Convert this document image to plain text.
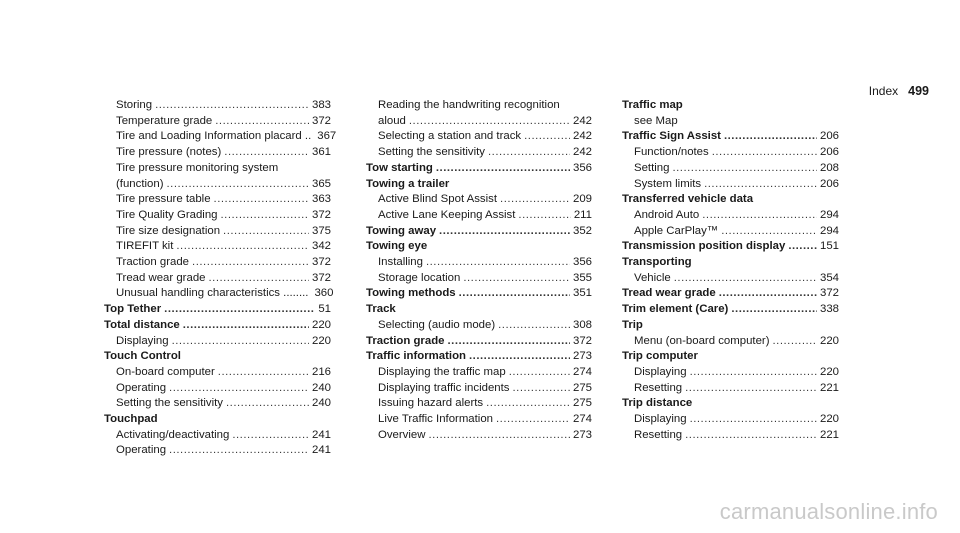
Index 499
Storing .....	383
Temperature grade .....	372
Tire and Loading Information placard .. 367
Tire pressure (notes) .....	361
Tire pressure monitoring system
(function) .....	365
Tire pressure table .....	363
Tire Quality Grading .....	372
Tire size designation .....	375
TIREFIT kit .....	342
Traction grade .....	372
Tread wear grade .....	372
Unusual handling characteristics ........ 360
Top Tether .....	51
Total distance .....	220
Displaying .....	220
Touch Control
On-board computer .....	216
Operating .....	240
Setting the sensitivity .....	240
Touchpad
Activating/deactivating .....	241
Operating .....	241
Reading the handwriting recognition
aloud .....	242
Selecting a station and track .....	242
Setting the sensitivity .....	242
Tow starting .....	356
Towing a trailer
Active Blind Spot Assist .....	209
Active Lane Keeping Assist .....	211
Towing away .....	352
Towing eye
Installing .....	356
Storage location .....	355
Towing methods .....	351
Track
Selecting (audio mode) .....	308
Traction grade .....	372
Traffic information .....	273
Displaying the traffic map .....	274
Displaying traffic incidents .....	275
Issuing hazard alerts .....	275
Live Traffic Information .....	274
Overview .....	273
Traffic map
see Map
Traffic Sign Assist .....	206
Function/notes .....	206
Setting .....	208
System limits .....	206
Transferred vehicle data
Android Auto .....	294
Apple CarPlay™ .....	294
Transmission position display .....	151
Transporting
Vehicle .....	354
Tread wear grade .....	372
Trim element (Care) .....	338
Trip
Menu (on-board computer) .....	220
Trip computer
Displaying .....	220
Resetting .....	221
Trip distance
Displaying .....	220
Resetting .....	221
carmanualsonline.info
